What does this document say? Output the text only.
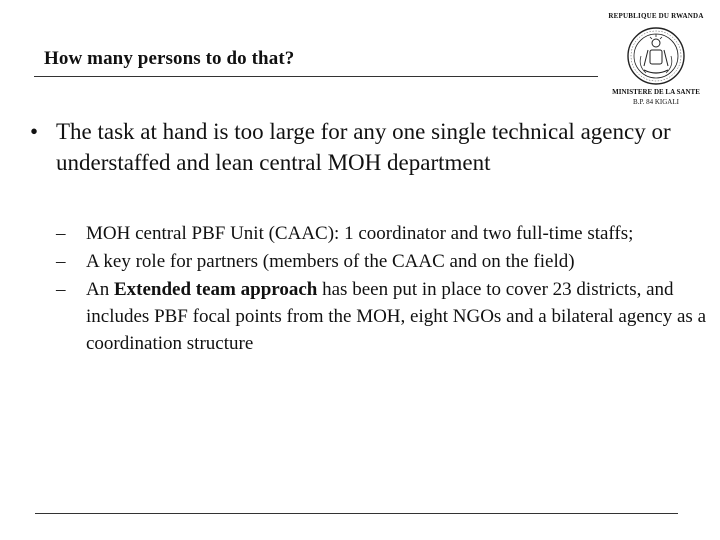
How many persons to do that?
REPUBLIQUE DU RWANDA
MINISTERE DE LA SANTE
B.P. 84 KIGALI
• The task at hand is too large for any one single technical agency or understaffed and lean central MOH department
– MOH central PBF Unit (CAAC): 1 coordinator and two full-time staffs;
– A key role for partners (members of the CAAC and on the field)
– An Extended team approach has been put in place to cover 23 districts, and includes PBF focal points from the MOH, eight NGOs and a bilateral agency as a coordination structure
